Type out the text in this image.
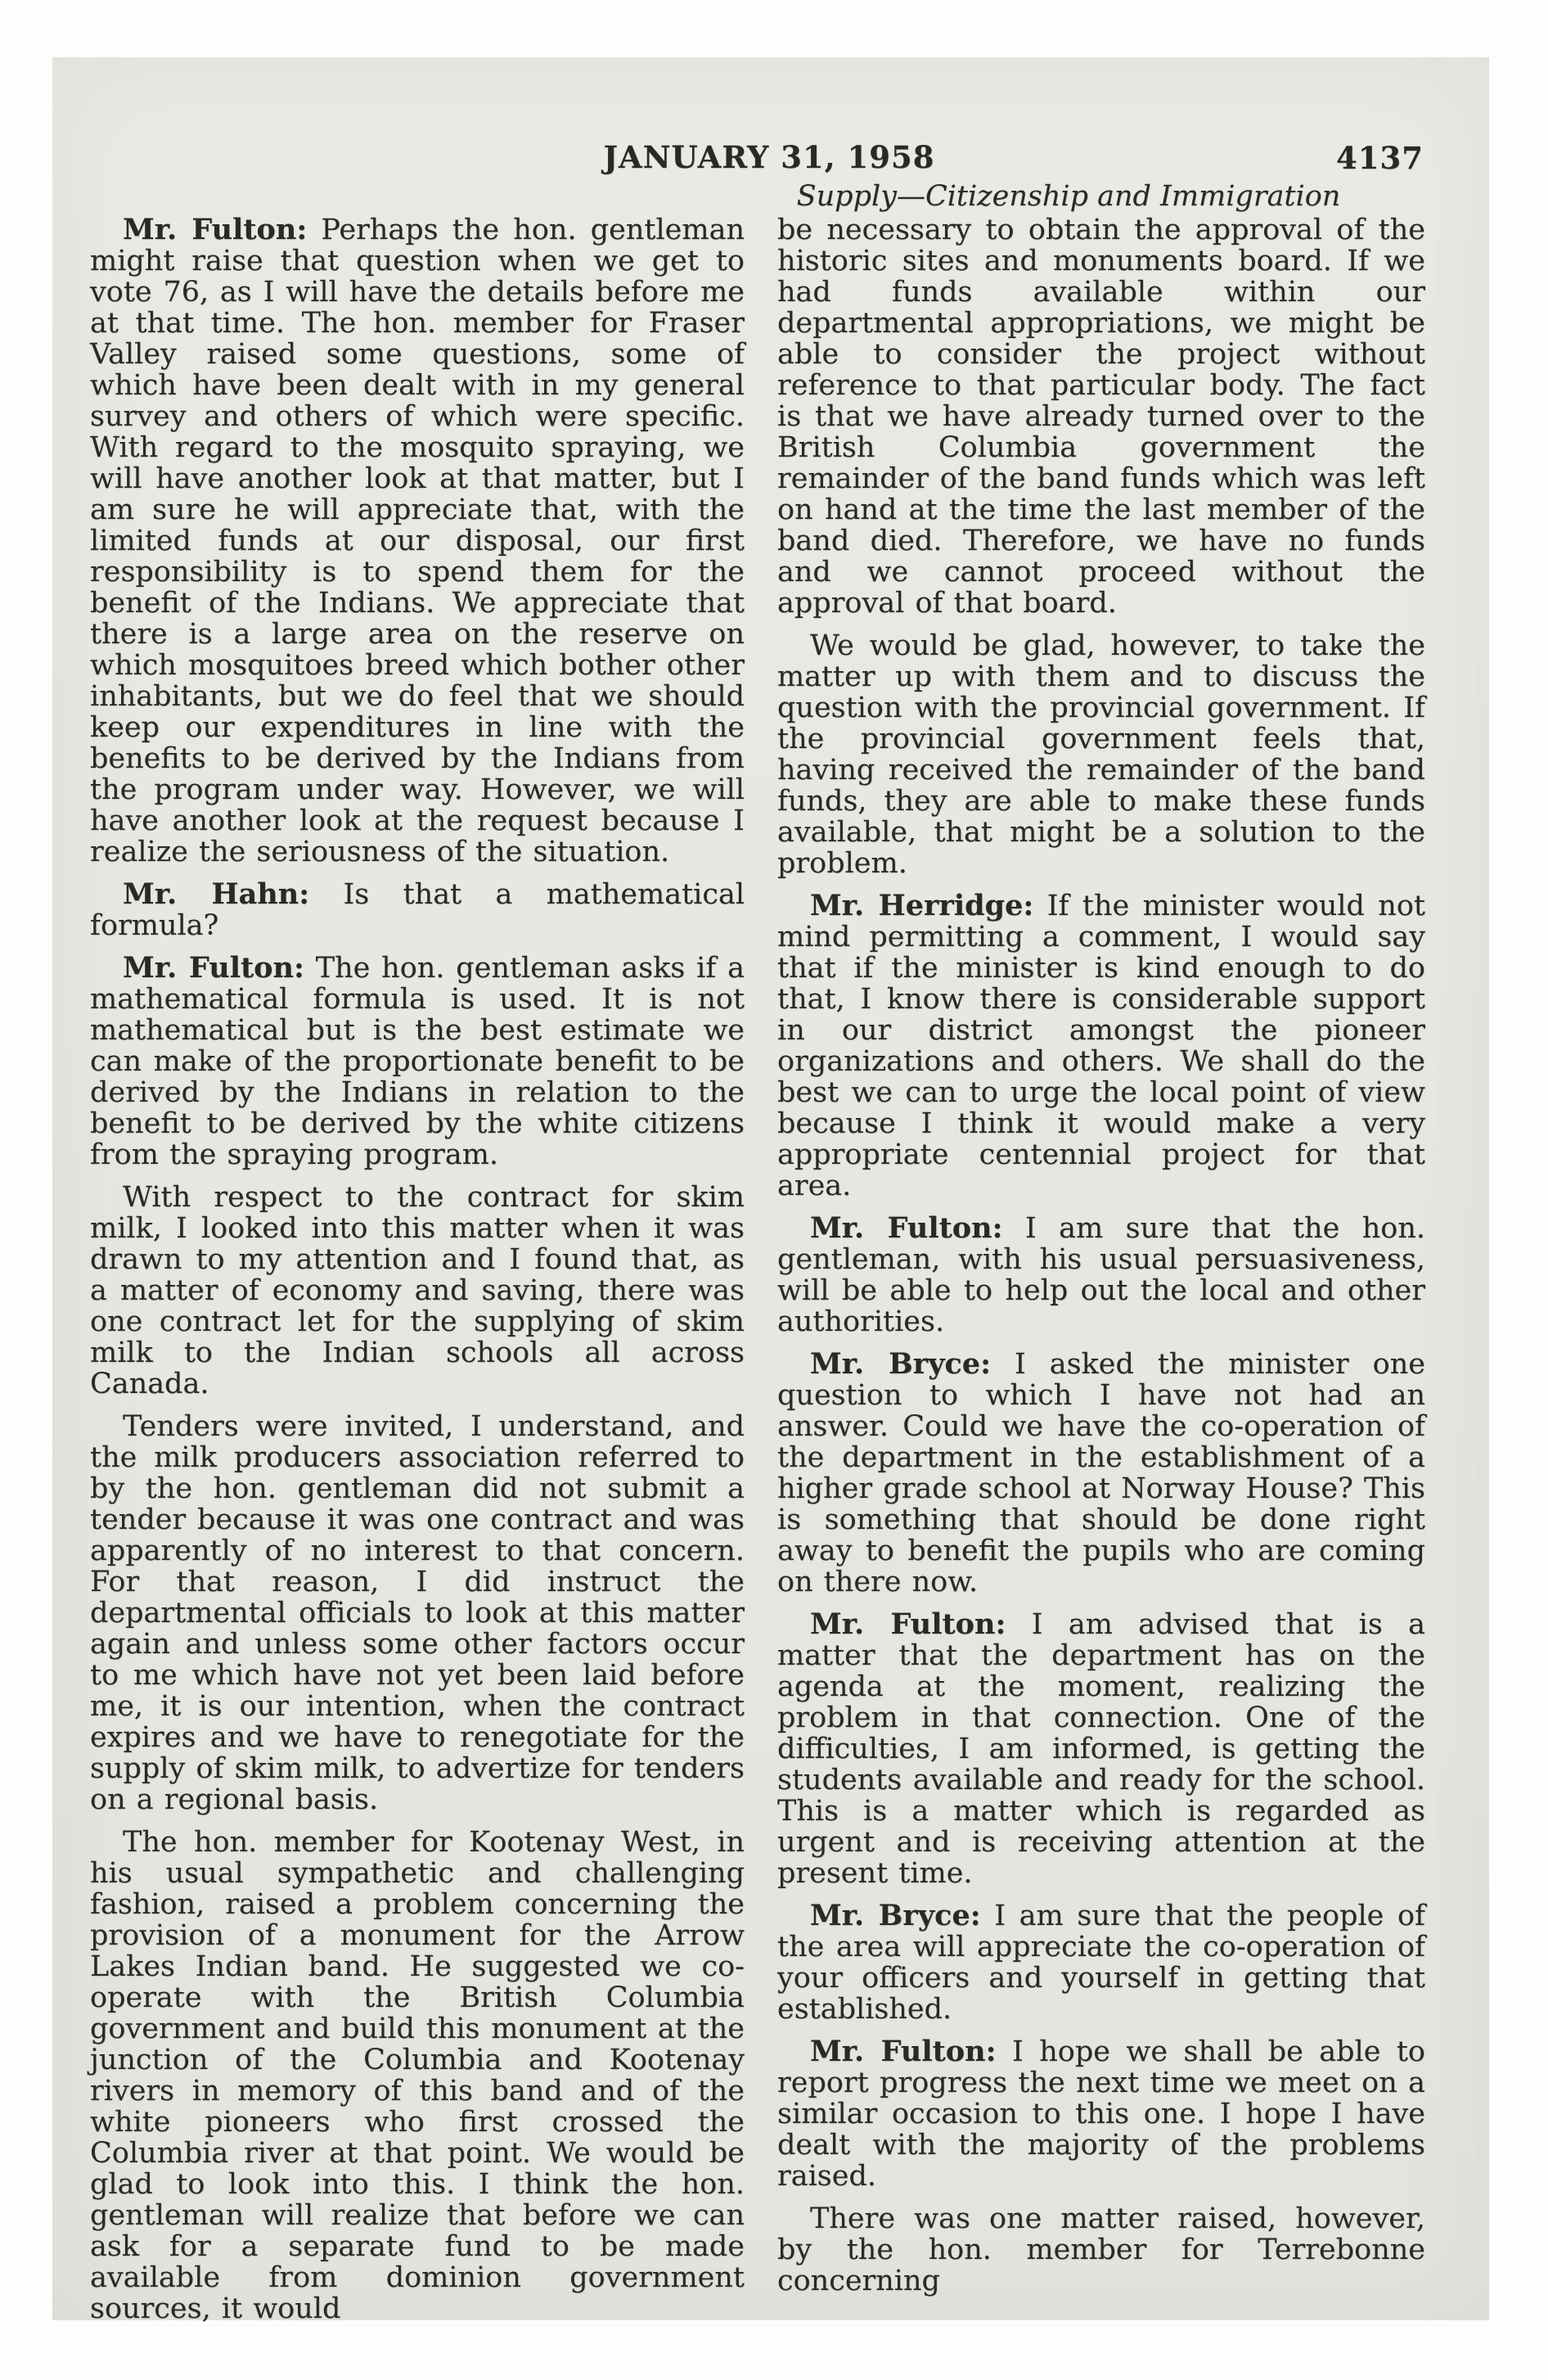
JANUARY 31, 1958	4137
Supply—Citizenship and Immigration

Mr. Fulton: Perhaps the hon. gentleman might raise that question when we get to vote 76, as I will have the details before me at that time. The hon. member for Fraser Valley raised some questions, some of which have been dealt with in my general survey and others of which were specific. With regard to the mosquito spraying, we will have another look at that matter, but I am sure he will appreciate that, with the limited funds at our disposal, our first responsibility is to spend them for the benefit of the Indians. We appreciate that there is a large area on the reserve on which mosquitoes breed which bother other inhabitants, but we do feel that we should keep our expenditures in line with the benefits to be derived by the Indians from the program under way. However, we will have another look at the request because I realize the seriousness of the situation.

Mr. Hahn: Is that a mathematical formula?

Mr. Fulton: The hon. gentleman asks if a mathematical formula is used. It is not mathematical but is the best estimate we can make of the proportionate benefit to be derived by the Indians in relation to the benefit to be derived by the white citizens from the spraying program.

With respect to the contract for skim milk, I looked into this matter when it was drawn to my attention and I found that, as a matter of economy and saving, there was one contract let for the supplying of skim milk to the Indian schools all across Canada.

Tenders were invited, I understand, and the milk producers association referred to by the hon. gentleman did not submit a tender because it was one contract and was apparently of no interest to that concern. For that reason, I did instruct the departmental officials to look at this matter again and unless some other factors occur to me which have not yet been laid before me, it is our intention, when the contract expires and we have to renegotiate for the supply of skim milk, to advertize for tenders on a regional basis.

The hon. member for Kootenay West, in his usual sympathetic and challenging fashion, raised a problem concerning the provision of a monument for the Arrow Lakes Indian band. He suggested we co-operate with the British Columbia government and build this monument at the junction of the Columbia and Kootenay rivers in memory of this band and of the white pioneers who first crossed the Columbia river at that point. We would be glad to look into this. I think the hon. gentleman will realize that before we can ask for a separate fund to be made available from dominion government sources, it would

be necessary to obtain the approval of the historic sites and monuments board. If we had funds available within our departmental appropriations, we might be able to consider the project without reference to that particular body. The fact is that we have already turned over to the British Columbia government the remainder of the band funds which was left on hand at the time the last member of the band died. Therefore, we have no funds and we cannot proceed without the approval of that board.

We would be glad, however, to take the matter up with them and to discuss the question with the provincial government. If the provincial government feels that, having received the remainder of the band funds, they are able to make these funds available, that might be a solution to the problem.

Mr. Herridge: If the minister would not mind permitting a comment, I would say that if the minister is kind enough to do that, I know there is considerable support in our district amongst the pioneer organizations and others. We shall do the best we can to urge the local point of view because I think it would make a very appropriate centennial project for that area.

Mr. Fulton: I am sure that the hon. gentleman, with his usual persuasiveness, will be able to help out the local and other authorities.

Mr. Bryce: I asked the minister one question to which I have not had an answer. Could we have the co-operation of the department in the establishment of a higher grade school at Norway House? This is something that should be done right away to benefit the pupils who are coming on there now.

Mr. Fulton: I am advised that is a matter that the department has on the agenda at the moment, realizing the problem in that connection. One of the difficulties, I am informed, is getting the students available and ready for the school. This is a matter which is regarded as urgent and is receiving attention at the present time.

Mr. Bryce: I am sure that the people of the area will appreciate the co-operation of your officers and yourself in getting that established.

Mr. Fulton: I hope we shall be able to report progress the next time we meet on a similar occasion to this one. I hope I have dealt with the majority of the problems raised.

There was one matter raised, however, by the hon. member for Terrebonne concerning
